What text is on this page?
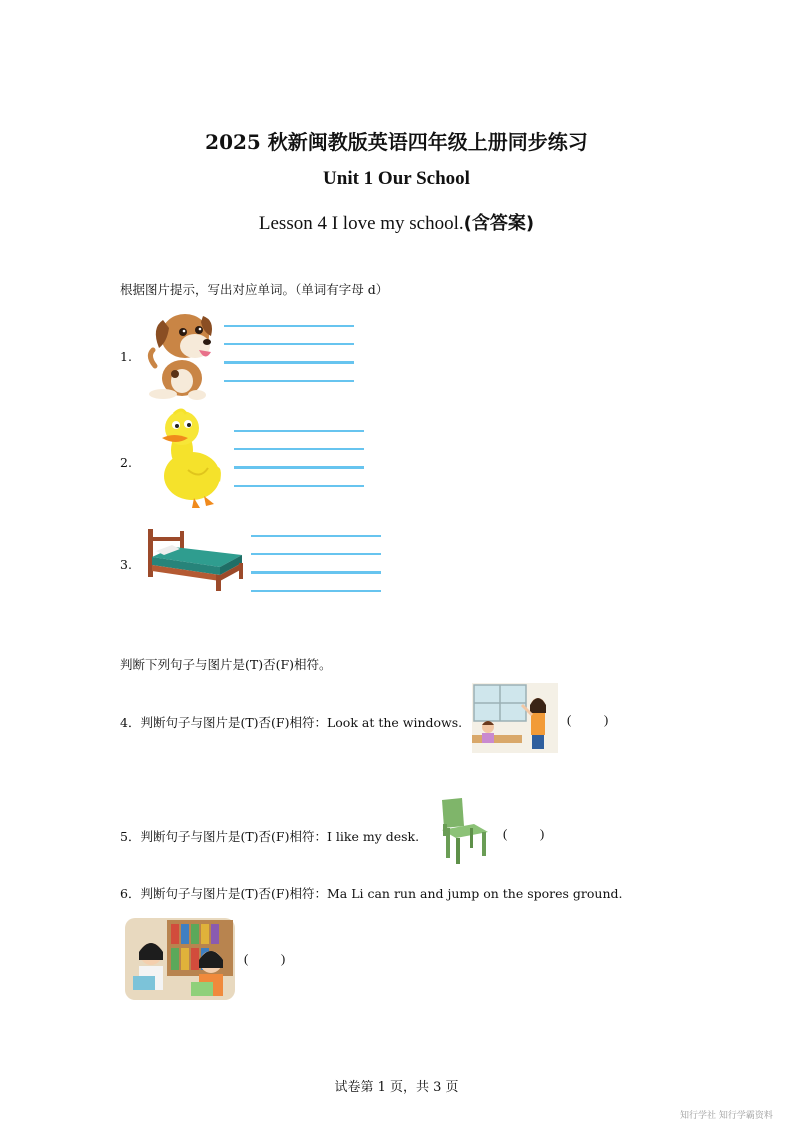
2025 秋新闽教版英语四年级上册同步练习
Unit 1 Our School
Lesson 4 I love my school.(含答案)
根据图片提示，写出对应单词。（单词有字母 d）
1.
2.
3.
判断下列句子与图片是(T)否(F)相符。
4．判断句子与图片是(T)否(F)相符：Look at the windows.	(          )
5．判断句子与图片是(T)否(F)相符：I like my desk.	(          )
6．判断句子与图片是(T)否(F)相符：Ma Li can run and jump on the spores ground.
(          )
试卷第 1 页，共 3 页
知行学社 知行学霸资料
